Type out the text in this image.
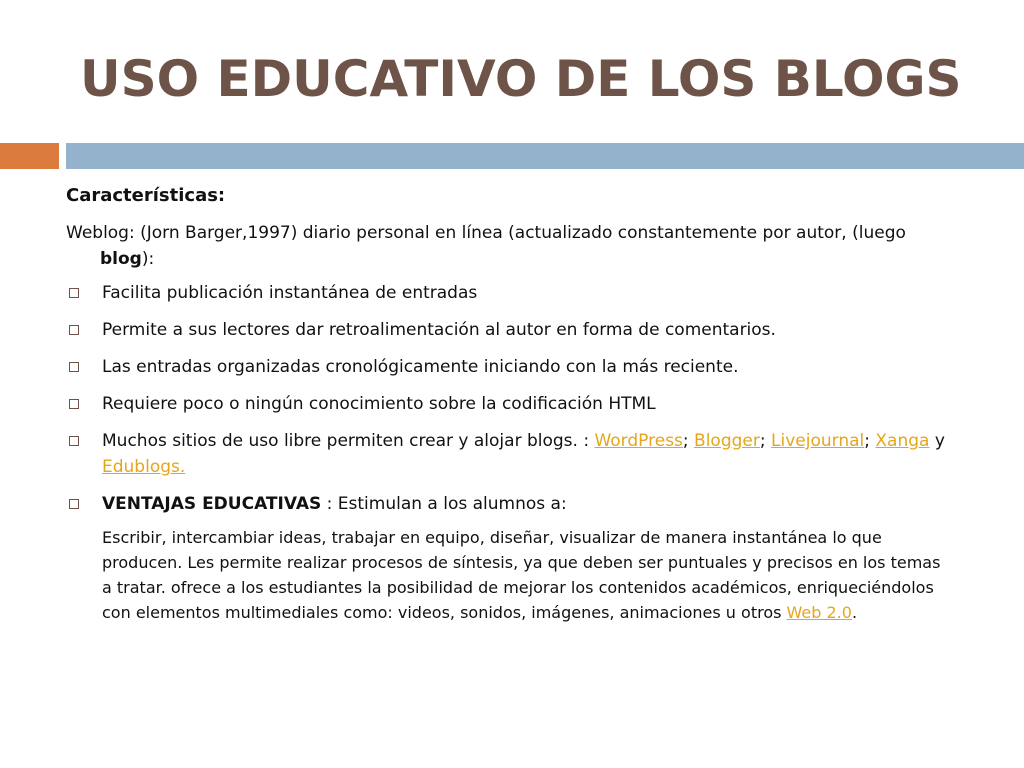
USO EDUCATIVO DE LOS BLOGS

Características:

Weblog: (Jorn Barger,1997) diario personal en línea (actualizado constantemente por autor, (luego blog):

Facilita publicación instantánea de entradas
Permite a sus lectores dar retroalimentación al autor en forma de comentarios.
Las entradas organizadas cronológicamente iniciando con la más reciente.
Requiere poco o ningún conocimiento sobre la codificación HTML
Muchos sitios de uso libre permiten crear y alojar blogs. : WordPress; Blogger; Livejournal; Xanga y Edublogs.
VENTAJAS EDUCATIVAS : Estimulan a los alumnos a:
Escribir, intercambiar ideas, trabajar en equipo, diseñar, visualizar de manera instantánea lo que producen. Les permite realizar procesos de síntesis, ya que deben ser puntuales y precisos en los temas a tratar. ofrece a los estudiantes la posibilidad de mejorar los contenidos académicos, enriqueciéndolos con elementos multimediales como: videos, sonidos, imágenes, animaciones u otros Web 2.0.
